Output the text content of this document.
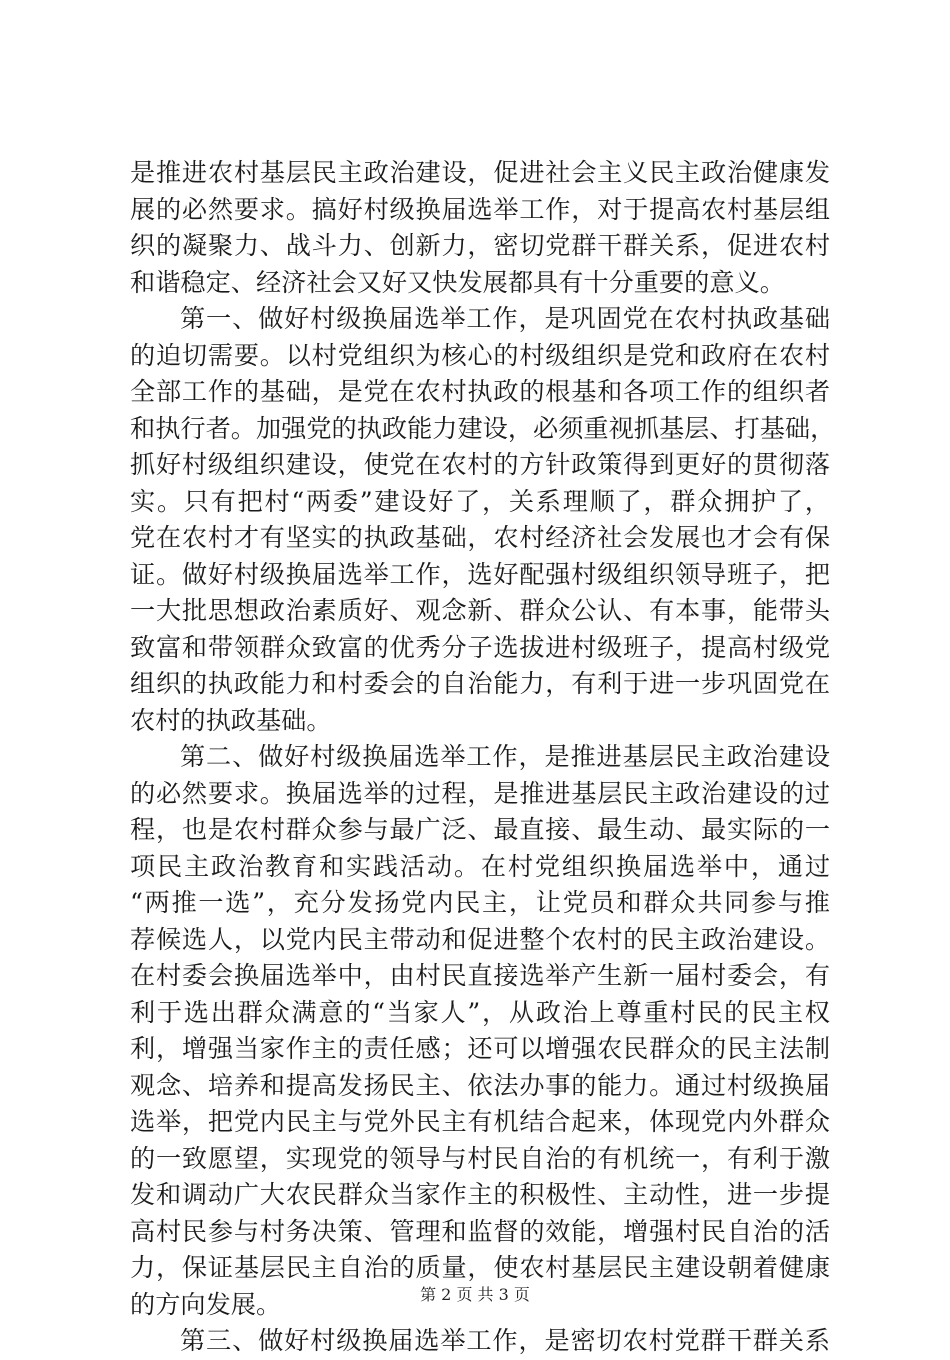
是推进农村基层民主政治建设，促进社会主义民主政治健康发
展的必然要求。搞好村级换届选举工作，对于提高农村基层组
织的凝聚力、战斗力、创新力，密切党群干群关系，促进农村
和谐稳定、经济社会又好又快发展都具有十分重要的意义。
第一、做好村级换届选举工作，是巩固党在农村执政基础
的迫切需要。以村党组织为核心的村级组织是党和政府在农村
全部工作的基础，是党在农村执政的根基和各项工作的组织者
和执行者。加强党的执政能力建设，必须重视抓基层、打基础，
抓好村级组织建设，使党在农村的方针政策得到更好的贯彻落
实。只有把村“两委”建设好了，关系理顺了，群众拥护了，
党在农村才有坚实的执政基础，农村经济社会发展也才会有保
证。做好村级换届选举工作，选好配强村级组织领导班子，把
一大批思想政治素质好、观念新、群众公认、有本事，能带头
致富和带领群众致富的优秀分子选拔进村级班子，提高村级党
组织的执政能力和村委会的自治能力，有利于进一步巩固党在
农村的执政基础。
第二、做好村级换届选举工作，是推进基层民主政治建设
的必然要求。换届选举的过程，是推进基层民主政治建设的过
程，也是农村群众参与最广泛、最直接、最生动、最实际的一
项民主政治教育和实践活动。在村党组织换届选举中，通过
“两推一选”，充分发扬党内民主，让党员和群众共同参与推
荐候选人，以党内民主带动和促进整个农村的民主政治建设。
在村委会换届选举中，由村民直接选举产生新一届村委会，有
利于选出群众满意的“当家人”，从政治上尊重村民的民主权
利，增强当家作主的责任感；还可以增强农民群众的民主法制
观念、培养和提高发扬民主、依法办事的能力。通过村级换届
选举，把党内民主与党外民主有机结合起来，体现党内外群众
的一致愿望，实现党的领导与村民自治的有机统一，有利于激
发和调动广大农民群众当家作主的积极性、主动性，进一步提
高村民参与村务决策、管理和监督的效能，增强村民自治的活
力，保证基层民主自治的质量，使农村基层民主建设朝着健康
的方向发展。
第三、做好村级换届选举工作，是密切农村党群干群关系
第 2 页 共 3 页
